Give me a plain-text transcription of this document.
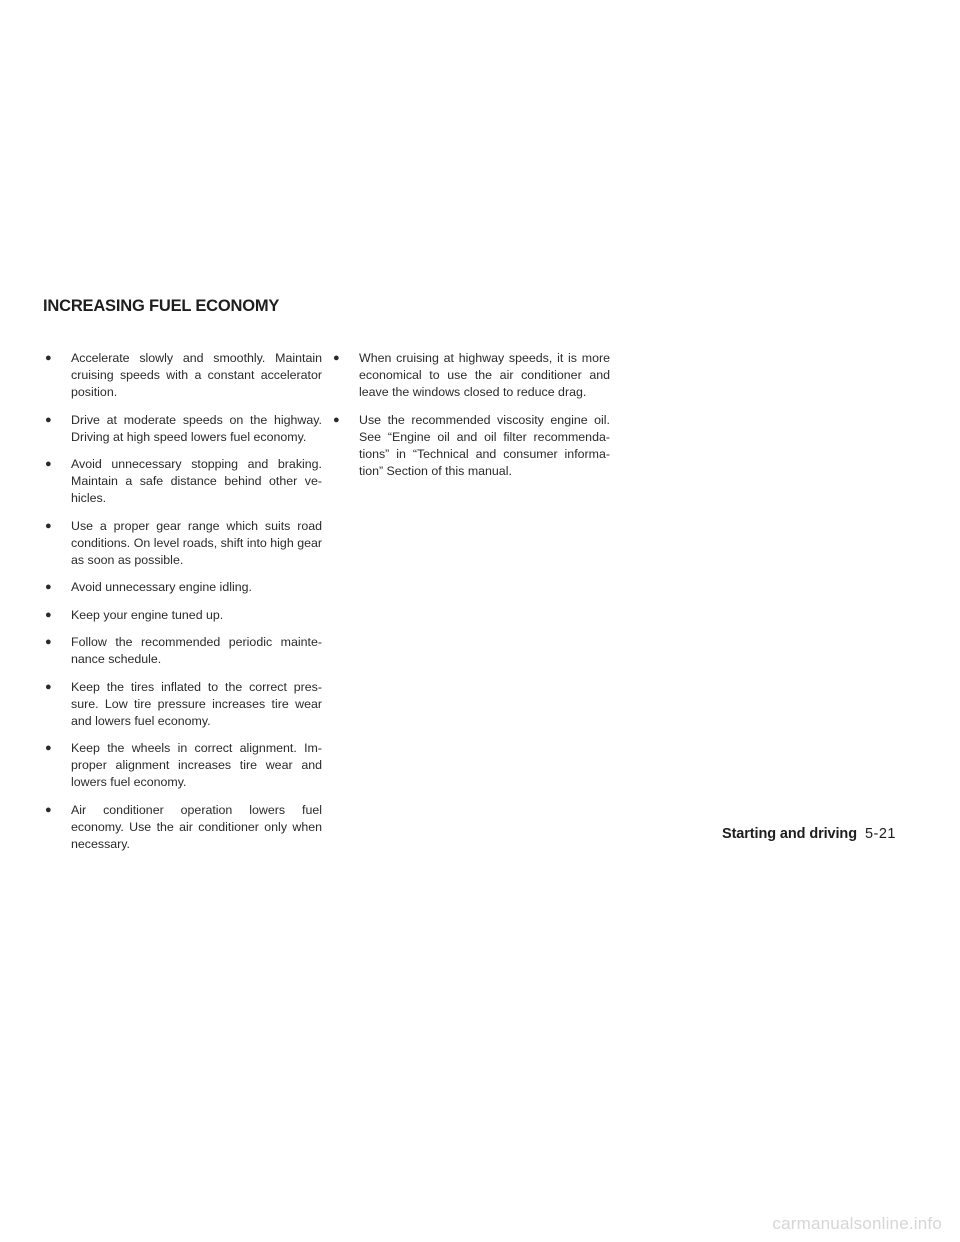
INCREASING FUEL ECONOMY
● Accelerate slowly and smoothly. Maintain cruising speeds with a constant accelerator position.
● Drive at moderate speeds on the highway. Driving at high speed lowers fuel economy.
● Avoid unnecessary stopping and braking. Maintain a safe distance behind other ve- hicles.
● Use a proper gear range which suits road conditions. On level roads, shift into high gear as soon as possible.
● Avoid unnecessary engine idling.
● Keep your engine tuned up.
● Follow the recommended periodic mainte- nance schedule.
● Keep the tires inflated to the correct pres- sure. Low tire pressure increases tire wear and lowers fuel economy.
● Keep the wheels in correct alignment. Im- proper alignment increases tire wear and lowers fuel economy.
● Air conditioner operation lowers fuel economy. Use the air conditioner only when necessary.
● When cruising at highway speeds, it is more economical to use the air conditioner and leave the windows closed to reduce drag.
● Use the recommended viscosity engine oil. See “Engine oil and oil filter recommenda- tions” in “Technical and consumer informa- tion” Section of this manual.
Starting and driving 5-21
carmanualsonline.info
